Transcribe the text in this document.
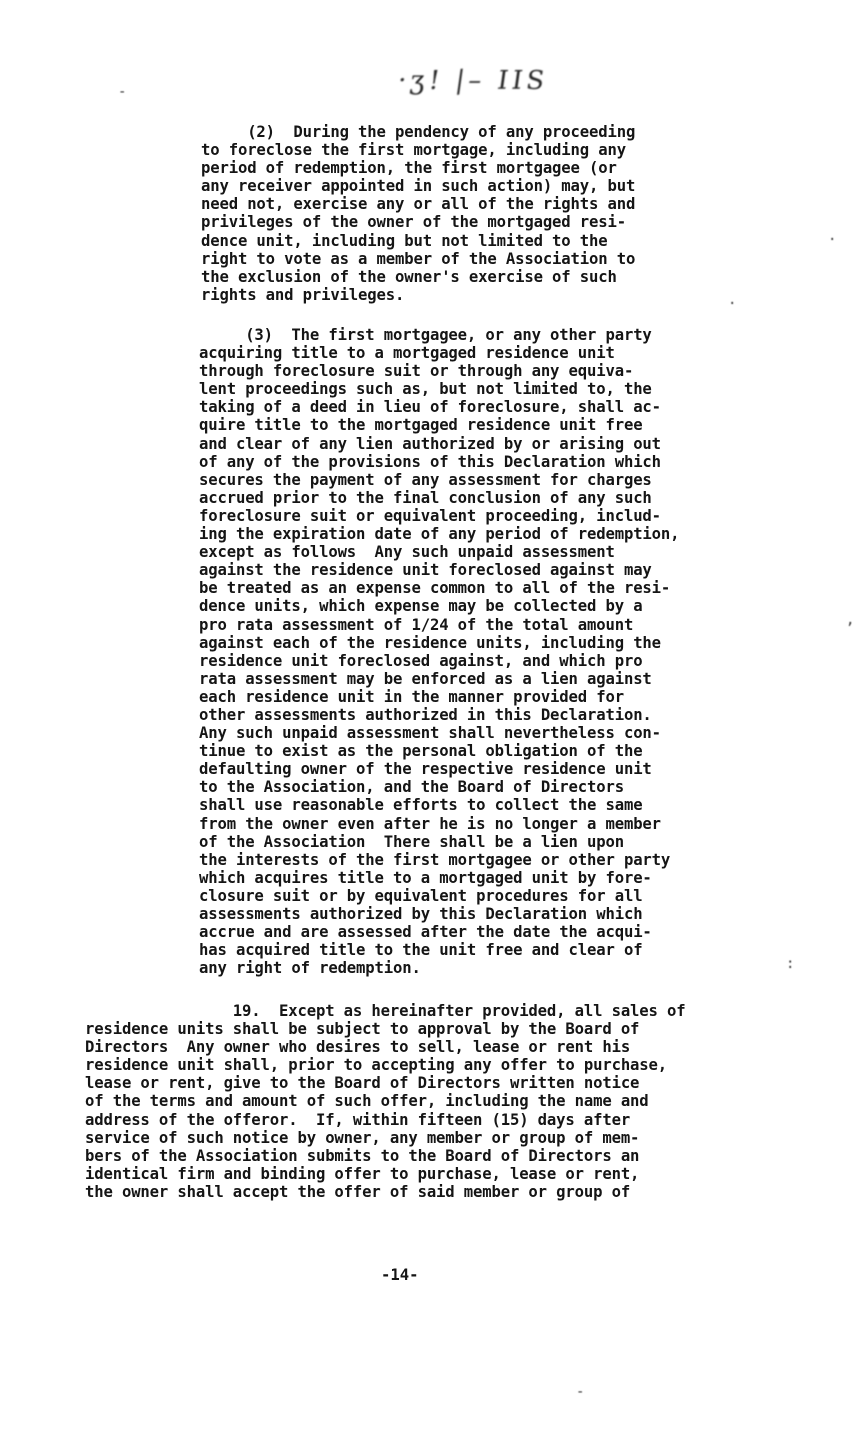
·ʒ! |– IIS
-
·
·
,
:
-
(2)  During the pendency of any proceeding
to foreclose the first mortgage, including any
period of redemption, the first mortgagee (or
any receiver appointed in such action) may, but
need not, exercise any or all of the rights and
privileges of the owner of the mortgaged resi-
dence unit, including but not limited to the
right to vote as a member of the Association to
the exclusion of the owner's exercise of such
rights and privileges.
(3)  The first mortgagee, or any other party
acquiring title to a mortgaged residence unit
through foreclosure suit or through any equiva-
lent proceedings such as, but not limited to, the
taking of a deed in lieu of foreclosure, shall ac-
quire title to the mortgaged residence unit free
and clear of any lien authorized by or arising out
of any of the provisions of this Declaration which
secures the payment of any assessment for charges
accrued prior to the final conclusion of any such
foreclosure suit or equivalent proceeding, includ-
ing the expiration date of any period of redemption,
except as follows  Any such unpaid assessment
against the residence unit foreclosed against may
be treated as an expense common to all of the resi-
dence units, which expense may be collected by a
pro rata assessment of 1/24 of the total amount
against each of the residence units, including the
residence unit foreclosed against, and which pro
rata assessment may be enforced as a lien against
each residence unit in the manner provided for
other assessments authorized in this Declaration.
Any such unpaid assessment shall nevertheless con-
tinue to exist as the personal obligation of the
defaulting owner of the respective residence unit
to the Association, and the Board of Directors
shall use reasonable efforts to collect the same
from the owner even after he is no longer a member
of the Association  There shall be a lien upon
the interests of the first mortgagee or other party
which acquires title to a mortgaged unit by fore-
closure suit or by equivalent procedures for all
assessments authorized by this Declaration which
accrue and are assessed after the date the acqui-
has acquired title to the unit free and clear of
any right of redemption.
19.  Except as hereinafter provided, all sales of
residence units shall be subject to approval by the Board of
Directors  Any owner who desires to sell, lease or rent his
residence unit shall, prior to accepting any offer to purchase,
lease or rent, give to the Board of Directors written notice
of the terms and amount of such offer, including the name and
address of the offeror.  If, within fifteen (15) days after
service of such notice by owner, any member or group of mem-
bers of the Association submits to the Board of Directors an
identical firm and binding offer to purchase, lease or rent,
the owner shall accept the offer of said member or group of
-14-
